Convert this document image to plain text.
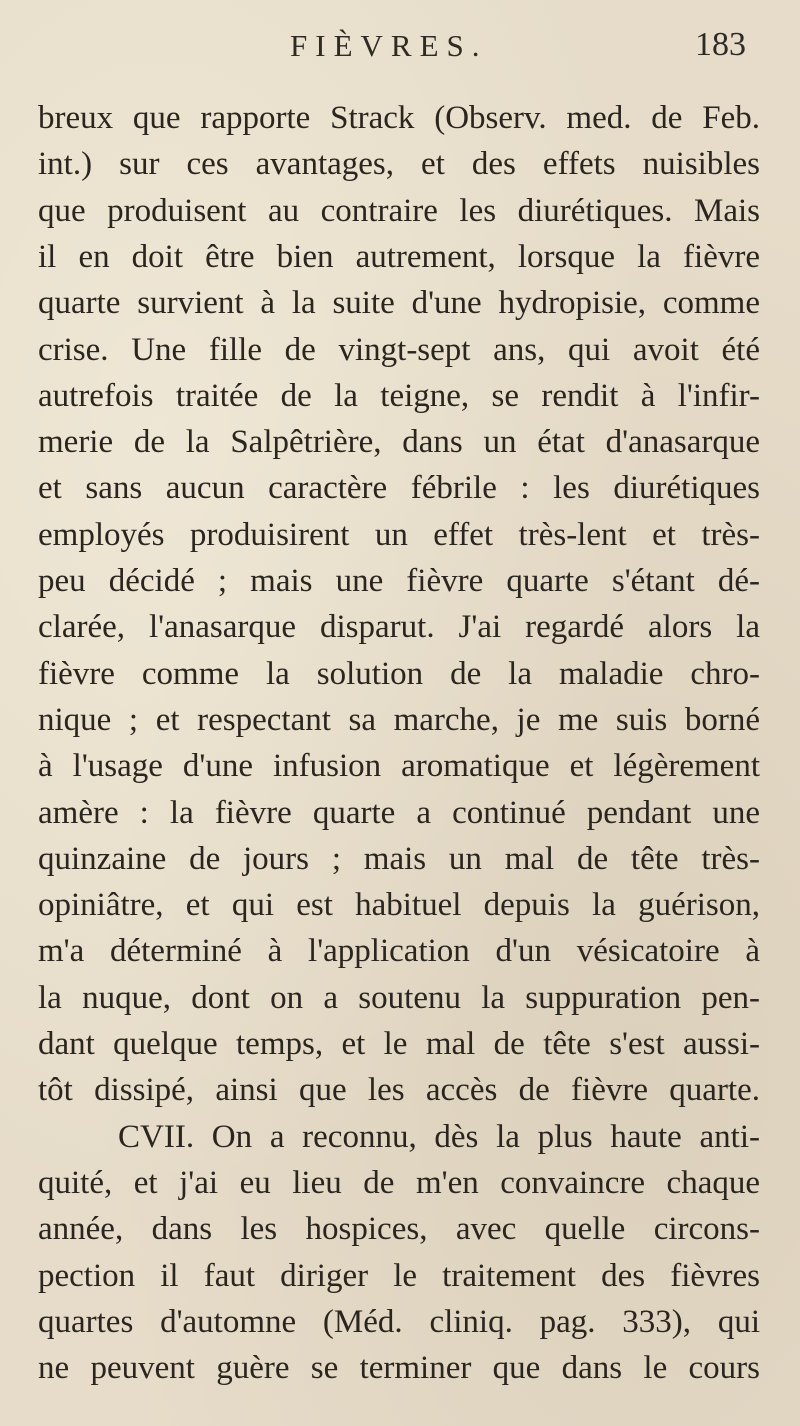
FIÈVRES.	183
breux que rapporte Strack (Observ. med. de Feb.
int.) sur ces avantages, et des effets nuisibles
que produisent au contraire les diurétiques. Mais
il en doit être bien autrement, lorsque la fièvre
quarte survient à la suite d'une hydropisie, comme
crise. Une fille de vingt-sept ans, qui avoit été
autrefois traitée de la teigne, se rendit à l'infir-
merie de la Salpêtrière, dans un état d'anasarque
et sans aucun caractère fébrile : les diurétiques
employés produisirent un effet très-lent et très-
peu décidé ; mais une fièvre quarte s'étant dé-
clarée, l'anasarque disparut. J'ai regardé alors la
fièvre comme la solution de la maladie chro-
nique ; et respectant sa marche, je me suis borné
à l'usage d'une infusion aromatique et légèrement
amère : la fièvre quarte a continué pendant une
quinzaine de jours ; mais un mal de tête très-
opiniâtre, et qui est habituel depuis la guérison,
m'a déterminé à l'application d'un vésicatoire à
la nuque, dont on a soutenu la suppuration pen-
dant quelque temps, et le mal de tête s'est aussi-
tôt dissipé, ainsi que les accès de fièvre quarte.
CVII. On a reconnu, dès la plus haute anti-
quité, et j'ai eu lieu de m'en convaincre chaque
année, dans les hospices, avec quelle circons-
pection il faut diriger le traitement des fièvres
quartes d'automne (Méd. cliniq. pag. 333), qui
ne peuvent guère se terminer que dans le cours
